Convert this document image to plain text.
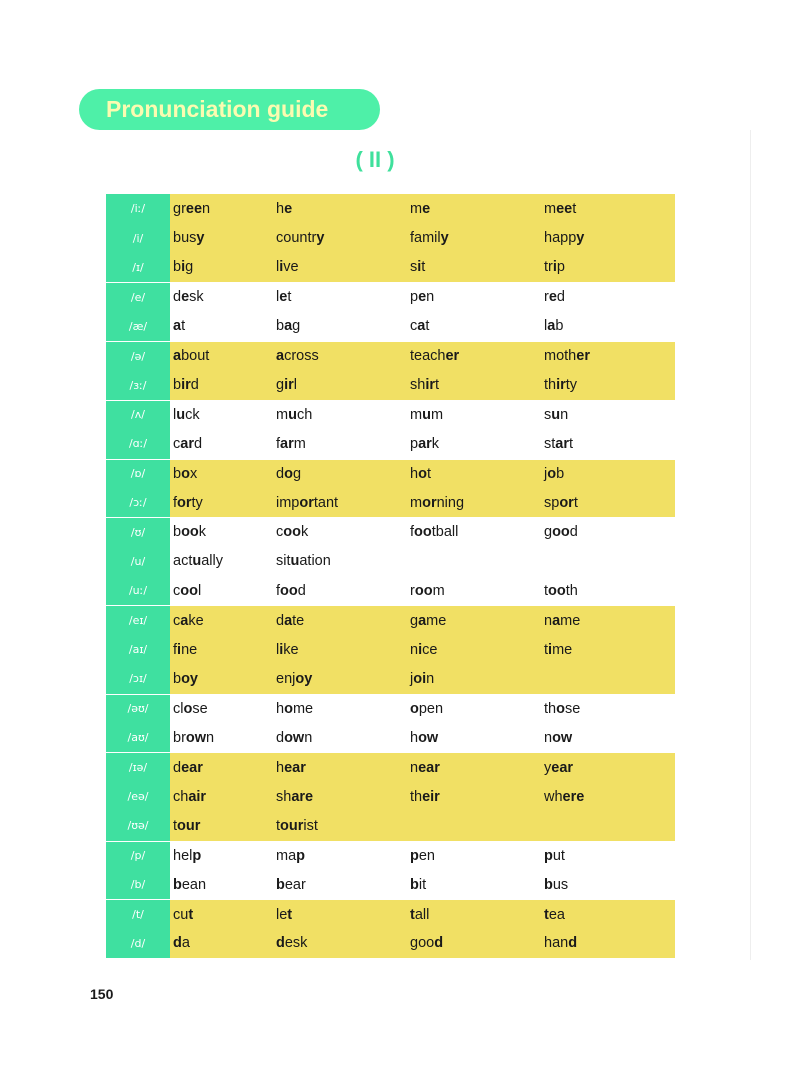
Pronunciation guide
( II )
/iː/	green	he	me	meet
/i/	busy	country	family	happy
/ɪ/	big	live	sit	trip
/e/	desk	let	pen	red
/æ/	at	bag	cat	lab
/ə/	about	across	teacher	mother
/ɜː/	bird	girl	shirt	thirty
/ʌ/	luck	much	mum	sun
/ɑː/	card	farm	park	start
/ɒ/	box	dog	hot	job
/ɔː/	forty	important	morning	sport
/ʊ/	book	cook	football	good
/u/	actually	situation
/uː/	cool	food	room	tooth
/eɪ/	cake	date	game	name
/aɪ/	fine	like	nice	time
/ɔɪ/	boy	enjoy	join
/əʊ/	close	home	open	those
/aʊ/	brown	down	how	now
/ɪə/	dear	hear	near	year
/eə/	chair	share	their	where
/ʊə/	tour	tourist
/p/	help	map	pen	put
/b/	bean	bear	bit	bus
/t/	cut	let	tall	tea
/d/	da	desk	good	hand
150
